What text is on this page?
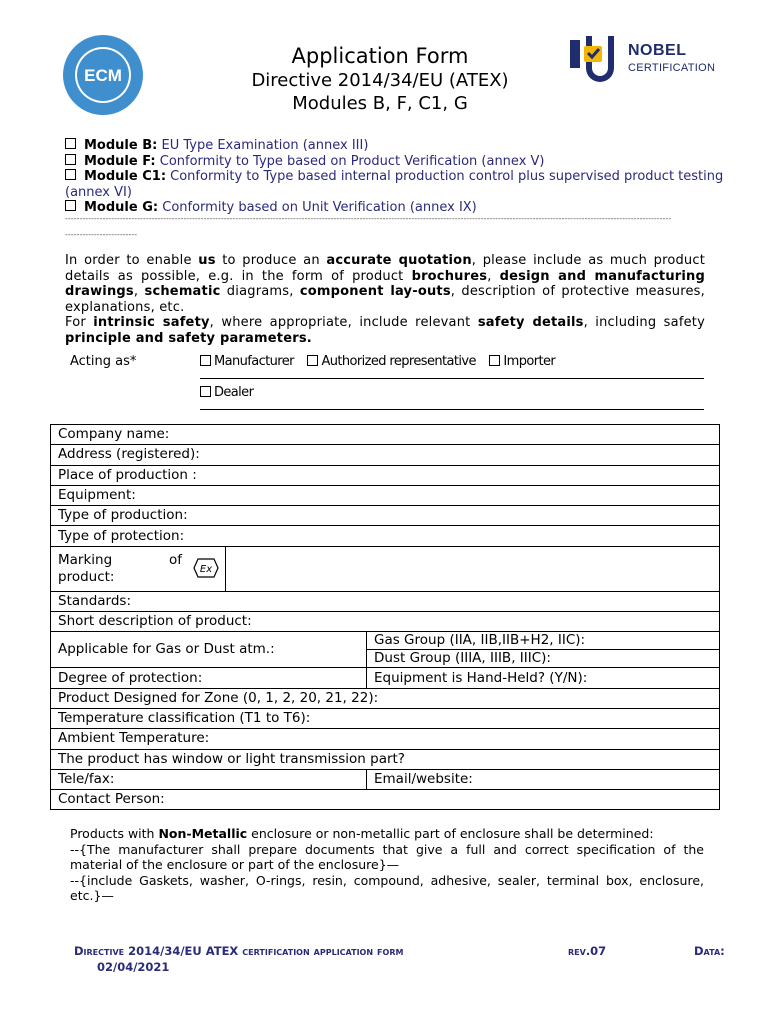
ECM
NOBEL
CERTIFICATION
Application Form
Directive 2014/34/EU (ATEX)
Modules B, F, C1, G
Module B: EU Type Examination (annex III)
Module F: Conformity to Type based on Product Verification (annex V)
Module C1: Conformity to Type based internal production control plus supervised product testing (annex VI)
Module G: Conformity based on Unit Verification (annex IX)
------------------------------------------------------------------------------------------------------------------------------------------------------------------------------------------------------------------
-------------------------
In order to enable us to produce an accurate quotation, please include as much product details as possible, e.g. in the form of product brochures, design and manufacturing drawings, schematic diagrams, component lay-outs, description of protective measures, explanations, etc.
For intrinsic safety, where appropriate, include relevant safety details, including safety principle and safety parameters.
Acting as*	Manufacturer Authorized representative Importer
Dealer
Company name:		
Address (registered):		
Place of production :		
Equipment:		
Type of production:		
Type of protection:		

Marking of

product: Ex		

Standards:		
Short description of product:		
Applicable for Gas or Dust atm.:		Gas Group (IIA, IIB,IIB+H2, IIC):
		Dust Group (IIIA, IIIB, IIIC):
Degree of protection:		Equipment is Hand-Held? (Y/N):
Product Designed for Zone (0, 1, 2, 20, 21, 22):		
Temperature classification (T1 to T6):		
Ambient Temperature:		
The product has window or light transmission part?		
Tele/fax:		Email/website:
Contact Person:		
Products with Non-Metallic enclosure or non-metallic part of enclosure shall be determined:
--{The manufacturer shall prepare documents that give a full and correct specification of the material of the enclosure or part of the enclosure}—
--{include Gaskets, washer, O-rings, resin, compound, adhesive, sealer, terminal box, enclosure, etc.}—
Directive 2014/34/EU ATEX certification application form	rev.07	Data:
02/04/2021
